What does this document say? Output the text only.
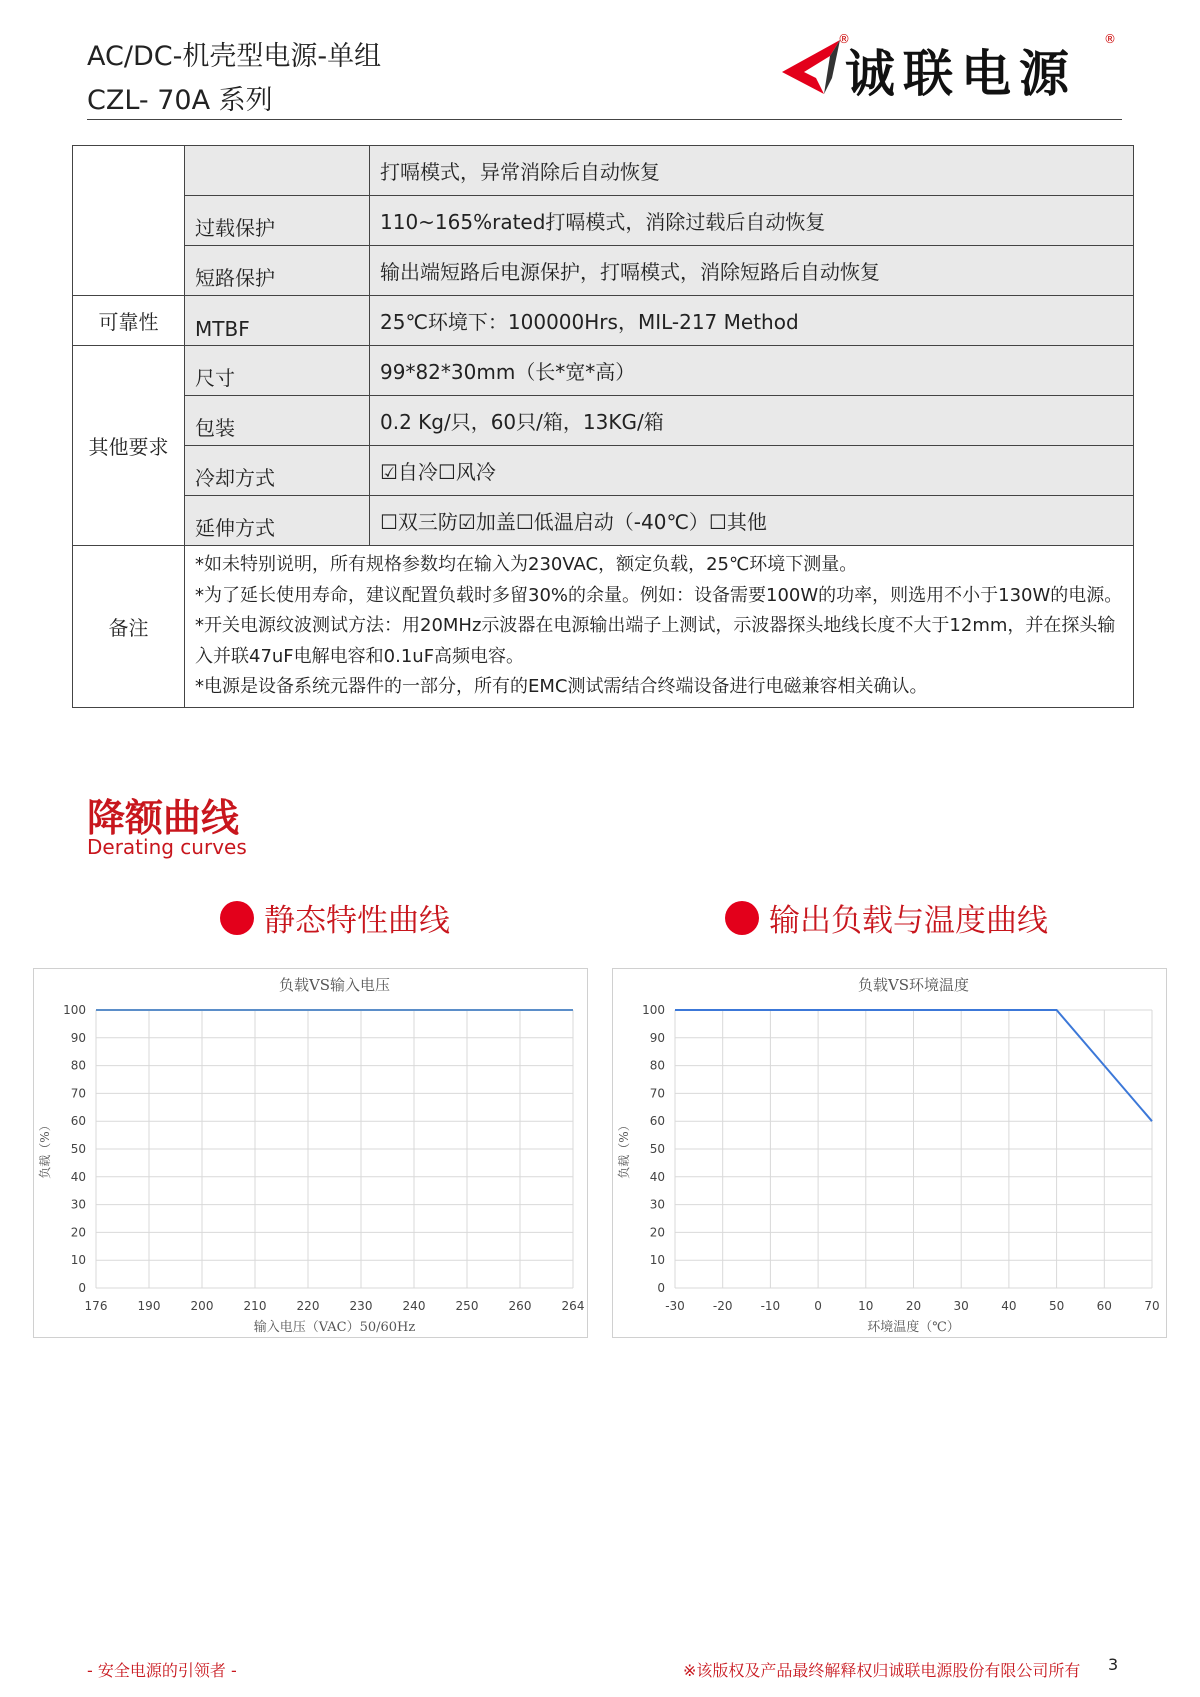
AC/DC-机壳型电源-单组
CZL- 70A 系列	诚联电源
®	®
		打嗝模式，异常消除后自动恢复
	过载保护	110~165%rated打嗝模式，消除过载后自动恢复
	短路保护	输出端短路后电源保护，打嗝模式，消除短路后自动恢复
可靠性	MTBF	25℃环境下：100000Hrs，MIL-217 Method
其他要求	尺寸	99*82*30mm（长*宽*高）
	包装	0.2 Kg/只，60只/箱，13KG/箱
	冷却方式	☑自冷☐风冷
	延伸方式	☐双三防☑加盖☐低温启动（-40℃）☐其他
备注	*如未特别说明，所有规格参数均在输入为230VAC，额定负载，25℃环境下测量。
*为了延长使用寿命，建议配置负载时多留30%的余量。例如：设备需要100W的功率，则选用不小于130W的电源。
*开关电源纹波测试方法：用20MHz示波器在电源输出端子上测试，示波器探头地线长度不大于12mm，并在探头输入并联47uF电解电容和0.1uF高频电容。
*电源是设备系统元器件的一部分，所有的EMC测试需结合终端设备进行电磁兼容相关确认。	
降额曲线
Derating curves
静态特性曲线	输出负载与温度曲线
负载VS输入电压
0
10
20
30
40
50
60
70
80
90
100
176	190	200	210	220	230	240	250	260	264
输入电压（VAC）50/60Hz
负载（%）
负载VS环境温度
0
10
20
30
40
50
60
70
80
90
100
-30 -20 -10	0	10	20	30	40	50	60	70
环境温度（℃）
负载（%）
- 安全电源的引领者 -	※该版权及产品最终解释权归诚联电源股份有限公司所有 3
